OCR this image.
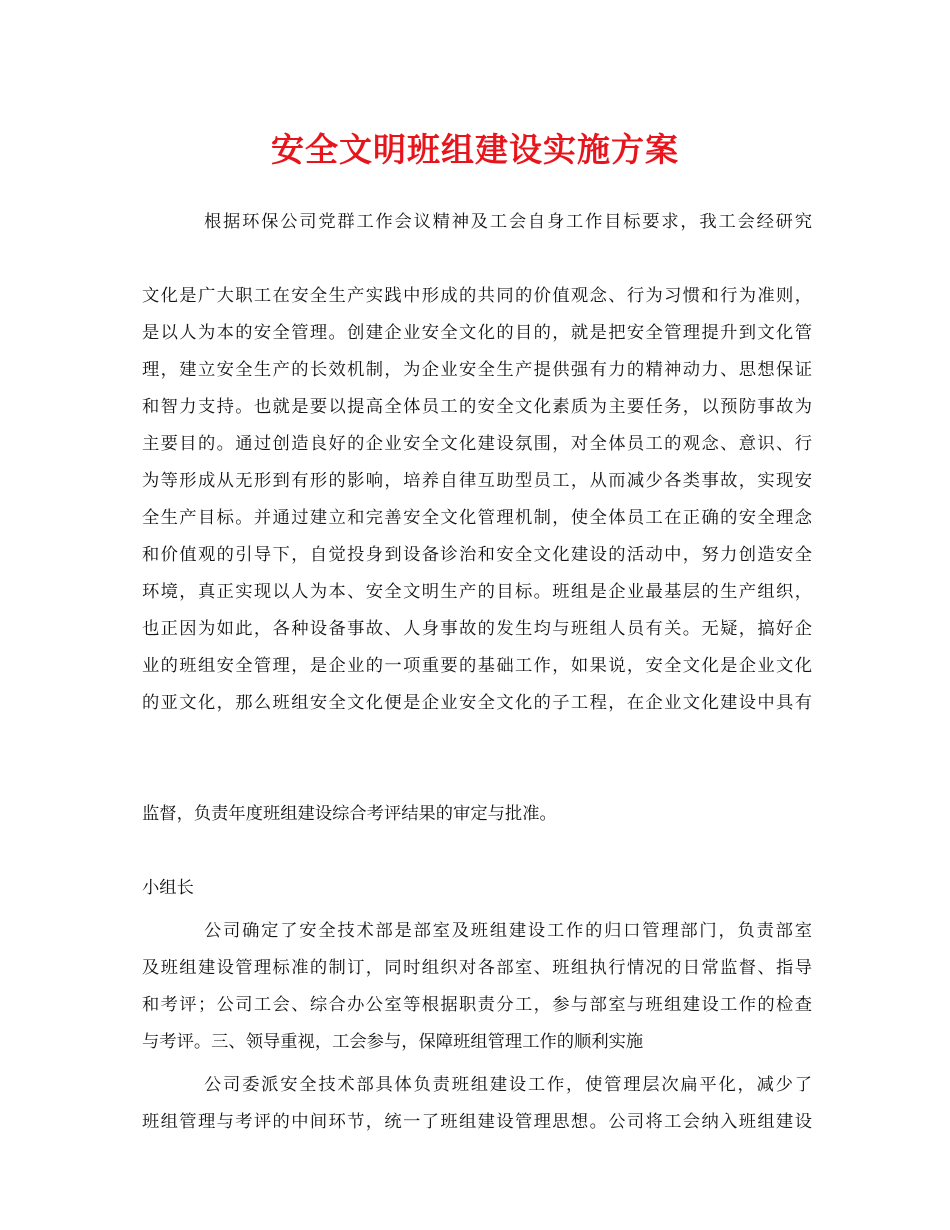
安全文明班组建设实施方案
根据环保公司党群工作会议精神及工会自身工作目标要求，我工会经研究
文化是广大职工在安全生产实践中形成的共同的价值观念、行为习惯和行为准则，
是以人为本的安全管理。创建企业安全文化的目的，就是把安全管理提升到文化管
理，建立安全生产的长效机制，为企业安全生产提供强有力的精神动力、思想保证
和智力支持。也就是要以提高全体员工的安全文化素质为主要任务，以预防事故为
主要目的。通过创造良好的企业安全文化建设氛围，对全体员工的观念、意识、行
为等形成从无形到有形的影响，培养自律互助型员工，从而减少各类事故，实现安
全生产目标。并通过建立和完善安全文化管理机制，使全体员工在正确的安全理念
和价值观的引导下，自觉投身到设备诊治和安全文化建设的活动中，努力创造安全
环境，真正实现以人为本、安全文明生产的目标。班组是企业最基层的生产组织，
也正因为如此，各种设备事故、人身事故的发生均与班组人员有关。无疑，搞好企
业的班组安全管理，是企业的一项重要的基础工作，如果说，安全文化是企业文化
的亚文化，那么班组安全文化便是企业安全文化的子工程，在企业文化建设中具有
监督，负责年度班组建设综合考评结果的审定与批准。
小组长
公司确定了安全技术部是部室及班组建设工作的归口管理部门，负责部室
及班组建设管理标准的制订，同时组织对各部室、班组执行情况的日常监督、指导
和考评；公司工会、综合办公室等根据职责分工，参与部室与班组建设工作的检查
与考评。三、领导重视，工会参与，保障班组管理工作的顺利实施
公司委派安全技术部具体负责班组建设工作，使管理层次扁平化，减少了
班组管理与考评的中间环节，统一了班组建设管理思想。公司将工会纳入班组建设
